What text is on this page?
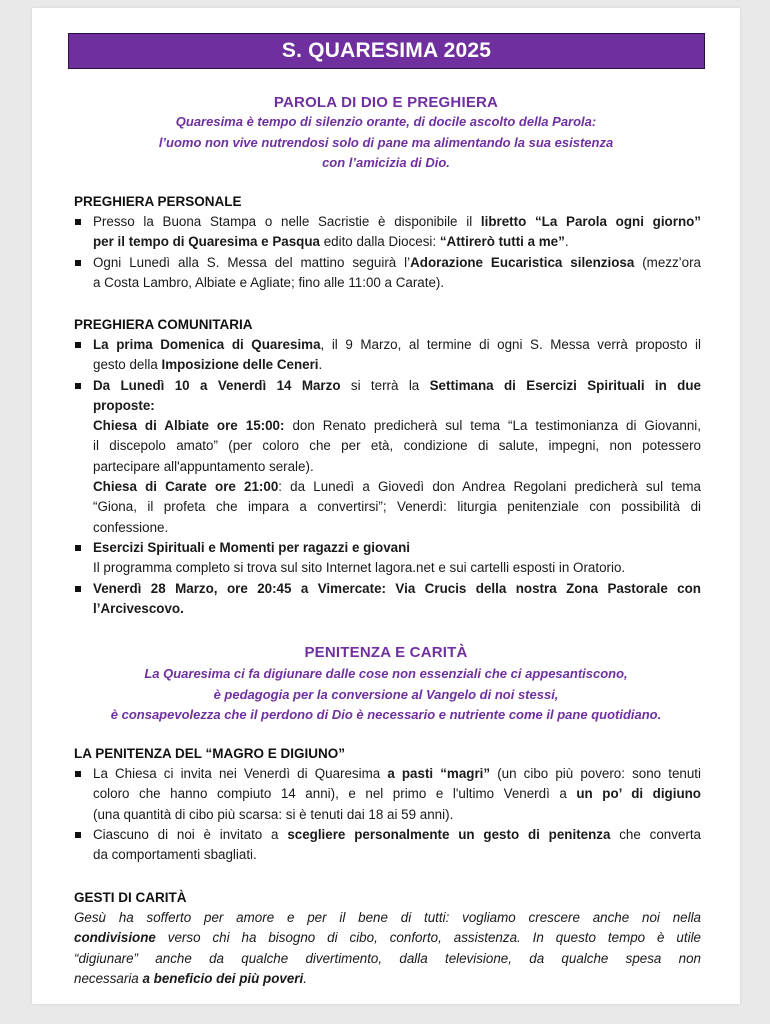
S. QUARESIMA 2025
PAROLA DI DIO E PREGHIERA
Quaresima è tempo di silenzio orante, di docile ascolto della Parola:
l’uomo non vive nutrendosi solo di pane ma alimentando la sua esistenza
con l’amicizia di Dio.
PREGHIERA PERSONALE
Presso la Buona Stampa o nelle Sacristie è disponibile il libretto “La Parola ogni giorno”
per il tempo di Quaresima e Pasqua edito dalla Diocesi: “Attirerò tutti a me”.
Ogni Lunedì alla S. Messa del mattino seguirà l’Adorazione Eucaristica silenziosa (mezz’ora
a Costa Lambro, Albiate e Agliate; fino alle 11:00 a Carate).
PREGHIERA COMUNITARIA
La prima Domenica di Quaresima, il 9 Marzo, al termine di ogni S. Messa verrà proposto il
gesto della Imposizione delle Ceneri.
Da Lunedì 10 a Venerdì 14 Marzo si terrà la Settimana di Esercizi Spirituali in due
proposte:
Chiesa di Albiate ore 15:00: don Renato predicherà sul tema “La testimonianza di Giovanni,
il discepolo amato” (per coloro che per età, condizione di salute, impegni, non potessero
partecipare all'appuntamento serale).
Chiesa di Carate ore 21:00: da Lunedì a Giovedì don Andrea Regolani predicherà sul tema
“Giona, il profeta che impara a convertirsi”; Venerdì: liturgia penitenziale con possibilità di
confessione.
Esercizi Spirituali e Momenti per ragazzi e giovani
Il programma completo si trova sul sito Internet lagora.net e sui cartelli esposti in Oratorio.
Venerdì 28 Marzo, ore 20:45 a Vimercate: Via Crucis della nostra Zona Pastorale con
l’Arcivescovo.
PENITENZA E CARITÀ
La Quaresima ci fa digiunare dalle cose non essenziali che ci appesantiscono,
è pedagogia per la conversione al Vangelo di noi stessi,
è consapevolezza che il perdono di Dio è necessario e nutriente come il pane quotidiano.
LA PENITENZA DEL “MAGRO E DIGIUNO”
La Chiesa ci invita nei Venerdì di Quaresima a pasti “magri” (un cibo più povero: sono tenuti
coloro che hanno compiuto 14 anni), e nel primo e l'ultimo Venerdì a un po’ di digiuno
(una quantità di cibo più scarsa: si è tenuti dai 18 ai 59 anni).
Ciascuno di noi è invitato a scegliere personalmente un gesto di penitenza che converta
da comportamenti sbagliati.
GESTI DI CARITÀ
Gesù ha sofferto per amore e per il bene di tutti: vogliamo crescere anche noi nella
condivisione verso chi ha bisogno di cibo, conforto, assistenza. In questo tempo è utile
“digiunare” anche da qualche divertimento, dalla televisione, da qualche spesa non
necessaria a beneficio dei più poveri.
